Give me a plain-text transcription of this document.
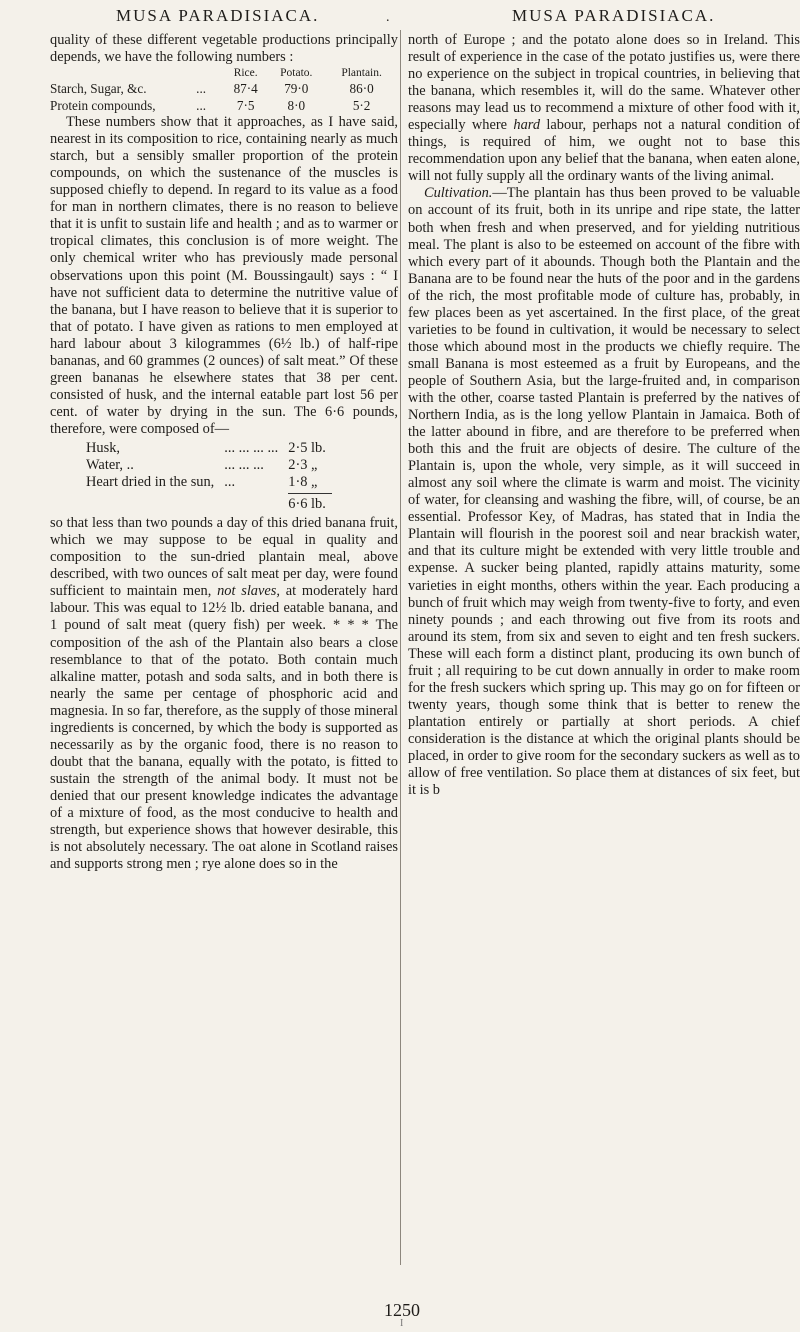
MUSA PARADISIACA.	.	MUSA PARADISIACA.

quality of these different vegetable productions principally depends, we have the following numbers :

		Rice.	Potato.	Plantain.
Starch, Sugar, &c.	...	87·4	79·0	86·0
Protein compounds,	...	7·5	8·0	5·2

These numbers show that it approaches, as I have said, nearest in its composition to rice, containing nearly as much starch, but a sensibly smaller proportion of the protein compounds, on which the sustenance of the muscles is supposed chiefly to depend. In regard to its value as a food for man in northern climates, there is no reason to believe that it is unfit to sustain life and health ; and as to warmer or tropical climates, this conclusion is of more weight. The only chemical writer who has previously made personal observations upon this point (M. Boussingault) says : “ I have not sufficient data to determine the nutritive value of the banana, but I have reason to believe that it is superior to that of potato. I have given as rations to men employed at hard labour about 3 kilogrammes (6½ lb.) of half-ripe bananas, and 60 grammes (2 ounces) of salt meat.” Of these green bananas he elsewhere states that 38 per cent. consisted of husk, and the internal eatable part lost 56 per cent. of water by drying in the sun. The 6·6 pounds, therefore, were composed of—

Husk,	... ... ... ...	2·5 lb.
Water, ..	... ... ...	2·3 „
Heart dried in the sun,	...	1·8 „

6·6 lb.

so that less than two pounds a day of this dried banana fruit, which we may suppose to be equal in quality and composition to the sun-dried plantain meal, above described, with two ounces of salt meat per day, were found sufficient to maintain men, not slaves, at moderately hard labour. This was equal to 12½ lb. dried eatable banana, and 1 pound of salt meat (query fish) per week. * * * The composition of the ash of the Plantain also bears a close resemblance to that of the potato. Both contain much alkaline matter, potash and soda salts, and in both there is nearly the same per centage of phosphoric acid and magnesia. In so far, therefore, as the supply of those mineral ingredients is concerned, by which the body is supported as necessarily as by the organic food, there is no reason to doubt that the banana, equally with the potato, is fitted to sustain the strength of the animal body. It must not be denied that our present knowledge indicates the advantage of a mixture of food, as the most conducive to health and strength, but experience shows that however desirable, this is not absolutely necessary. The oat alone in Scotland raises and supports strong men ; rye alone does so in the

north of Europe ; and the potato alone does so in Ireland. This result of experience in the case of the potato justifies us, were there no experience on the subject in tropical countries, in believing that the banana, which resembles it, will do the same. Whatever other reasons may lead us to recommend a mixture of other food with it, especially where hard labour, perhaps not a natural condition of things, is required of him, we ought not to base this recommendation upon any belief that the banana, when eaten alone, will not fully supply all the ordinary wants of the living animal.

Cultivation.—The plantain has thus been proved to be valuable on account of its fruit, both in its unripe and ripe state, the latter both when fresh and when preserved, and for yielding nutritious meal. The plant is also to be esteemed on account of the fibre with which every part of it abounds. Though both the Plantain and the Banana are to be found near the huts of the poor and in the gardens of the rich, the most profitable mode of culture has, probably, in few places been as yet ascertained. In the first place, of the great varieties to be found in cultivation, it would be necessary to select those which abound most in the products we chiefly require. The small Banana is most esteemed as a fruit by Europeans, and the people of Southern Asia, but the large-fruited and, in comparison with the other, coarse tasted Plantain is preferred by the natives of Northern India, as is the long yellow Plantain in Jamaica. Both of the latter abound in fibre, and are therefore to be preferred when both this and the fruit are objects of desire. The culture of the Plantain is, upon the whole, very simple, as it will succeed in almost any soil where the climate is warm and moist. The vicinity of water, for cleansing and washing the fibre, will, of course, be an essential. Professor Key, of Madras, has stated that in India the Plantain will flourish in the poorest soil and near brackish water, and that its culture might be extended with very little trouble and expense. A sucker being planted, rapidly attains maturity, some varieties in eight months, others within the year. Each producing a bunch of fruit which may weigh from twenty-five to forty, and even ninety pounds ; and each throwing out five from its roots and around its stem, from six and seven to eight and ten fresh suckers. These will each form a distinct plant, producing its own bunch of fruit ; all requiring to be cut down annually in order to make room for the fresh suckers which spring up. This may go on for fifteen or twenty years, though some think that is better to renew the plantation entirely or partially at short periods. A chief consideration is the distance at which the original plants should be placed, in order to give room for the secondary suckers as well as to allow of free ventilation. So place them at distances of six feet, but it is b

1250
I
